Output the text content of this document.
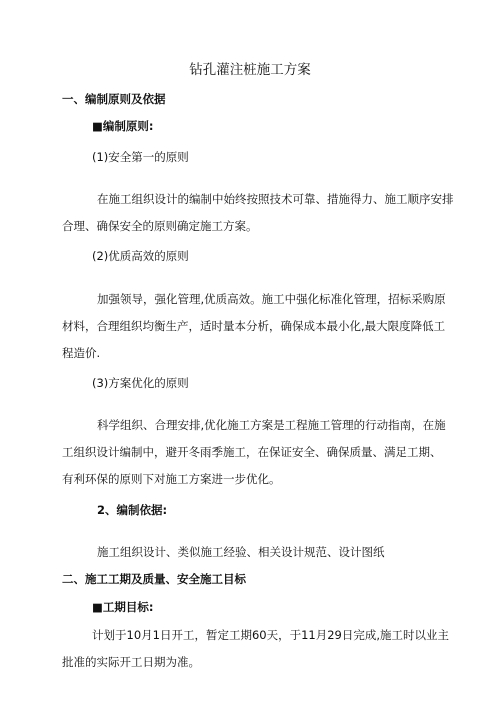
钻孔灌注桩施工方案

一、编制原则及依据

■编制原则:

(1)安全第一的原则

在施工组织设计的编制中始终按照技术可靠、措施得力、施工顺序安排
合理、确保安全的原则确定施工方案。

(2)优质高效的原则

加强领导，强化管理,优质高效。施工中强化标准化管理，招标采购原
材料，合理组织均衡生产，适时量本分析，确保成本最小化,最大限度降低工
程造价.

(3)方案优化的原则

科学组织、合理安排,优化施工方案是工程施工管理的行动指南，在施
工组织设计编制中，避开冬雨季施工，在保证安全、确保质量、满足工期、
有利环保的原则下对施工方案进一步优化。

2、编制依据:

施工组织设计、类似施工经验、相关设计规范、设计图纸

二、施工工期及质量、安全施工目标

■工期目标:

计划于10月1日开工，暂定工期60天，于11月29日完成,施工时以业主
批准的实际开工日期为准。
